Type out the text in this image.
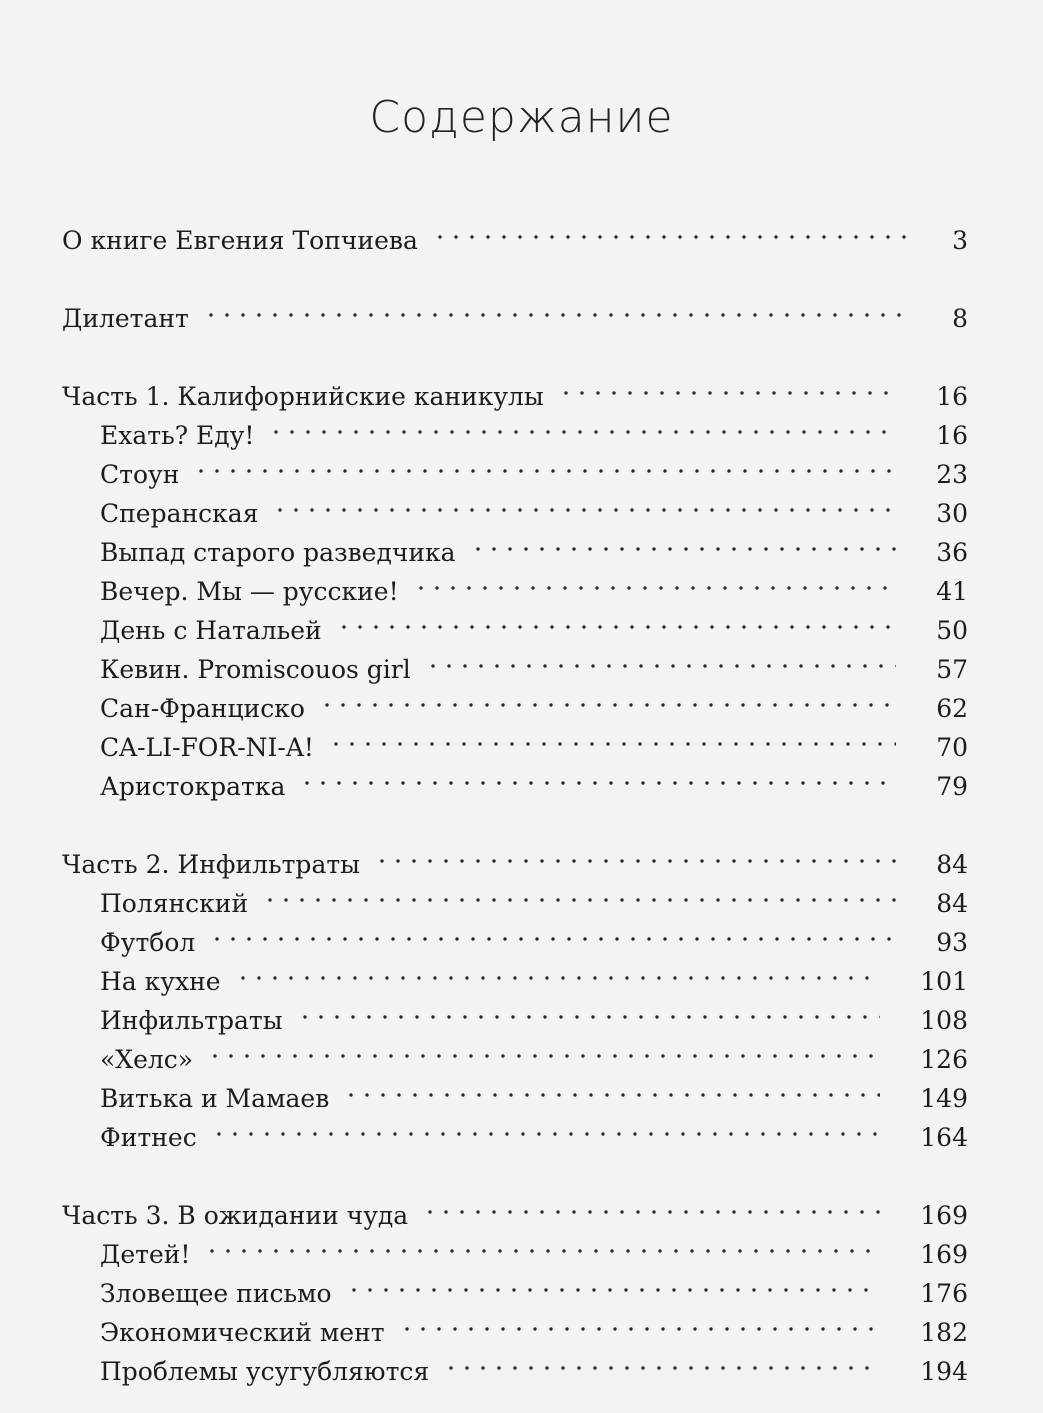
Содержание
О книге Евгения Топчиева	3
Дилетант	8
Часть 1. Калифорнийские каникулы	16
Ехать? Еду!	16
Стоун	23
Сперанская	30
Выпад старого разведчика	36
Вечер. Мы — русские!	41
День с Натальей	50
Кевин. Promiscouos girl	57
Сан-Франциско	62
CA-LI-FOR-NI-A!	70
Аристократка	79
Часть 2. Инфильтраты	84
Полянский	84
Футбол	93
На кухне	101
Инфильтраты	108
«Хелс»	126
Витька и Мамаев	149
Фитнес	164
Часть 3. В ожидании чуда	169
Детей!	169
Зловещее письмо	176
Экономический мент	182
Проблемы усугубляются	194
